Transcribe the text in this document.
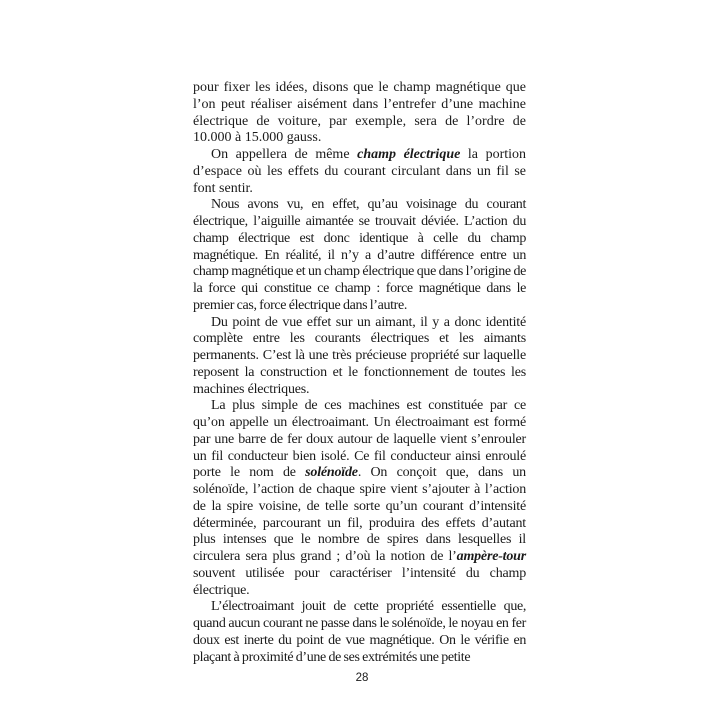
pour fixer les idées, disons que le champ magnétique que l’on peut réaliser aisément dans l’entrefer d’une machine électrique de voiture, par exemple, sera de l’ordre de 10.000 à 15.000 gauss.

On appellera de même champ électrique la portion d’espace où les effets du courant circulant dans un fil se font sentir.

Nous avons vu, en effet, qu’au voisinage du courant électrique, l’aiguille aimantée se trouvait déviée. L’action du champ électrique est donc identique à celle du champ magnétique. En réalité, il n’y a d’autre différence entre un champ magnétique et un champ électrique que dans l’origine de la force qui constitue ce champ : force magnétique dans le premier cas, force électrique dans l’autre.

Du point de vue effet sur un aimant, il y a donc identité complète entre les courants électriques et les aimants permanents. C’est là une très précieuse propriété sur laquelle reposent la construction et le fonctionnement de toutes les machines électriques.

La plus simple de ces machines est constituée par ce qu’on appelle un électroaimant. Un électroaimant est formé par une barre de fer doux autour de laquelle vient s’enrouler un fil conducteur bien isolé. Ce fil conducteur ainsi enroulé porte le nom de solénoïde. On conçoit que, dans un solénoïde, l’action de chaque spire vient s’ajouter à l’action de la spire voisine, de telle sorte qu’un courant d’intensité déterminée, parcourant un fil, produira des effets d’autant plus intenses que le nombre de spires dans lesquelles il circulera sera plus grand ; d’où la notion de l’ampère-tour souvent utilisée pour caractériser l’intensité du champ électrique.

L’électroaimant jouit de cette propriété essentielle que, quand aucun courant ne passe dans le solénoïde, le noyau en fer doux est inerte du point de vue magnétique. On le vérifie en plaçant à proximité d’une de ses extrémités une petite

28
